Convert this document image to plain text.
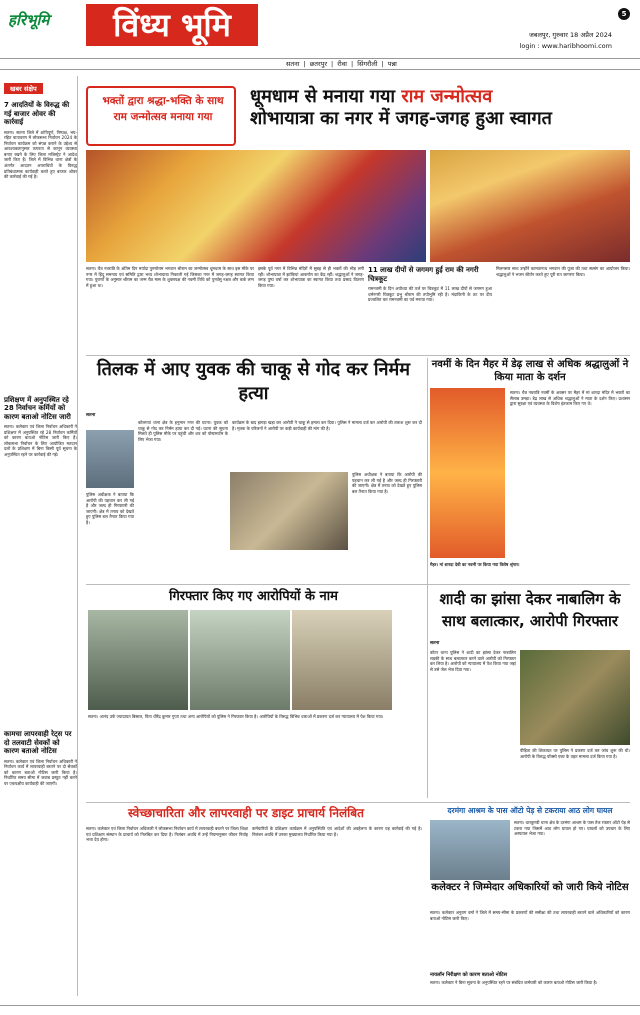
हरिभूमि	विंध्य भूमि	5
जबलपुर, गुरुवार 18 अप्रैल 2024
login : www.haribhoomi.com
सतना | छतरपुर | रीवा | सिंगरौली | पन्ना
खबर संक्षेप
7 आदतियों के विरुद्ध की गई बाजार ओवर की कार्रवाई
सतना। सतना जिले में शांतिपूर्ण, निष्पक्ष, भय-रहित वातावरण में लोकसभा निर्वाचन 2024 के निर्वाचन कार्यक्रम को संपन्न कराने के उद्देश्य से आवश्यकतानुसार तत्परता से कानून व्यवस्था बनाए रखने के लिए जिला मजिस्ट्रेट ने आदेश जारी किए हैं। जिले में विभिन्न थाना क्षेत्रों के अंतर्गत आदतन अपराधियों के विरुद्ध प्रतिबंधात्मक कार्यवाही करते हुए बाजार ओवर की कार्रवाई की गई है।
प्रशिक्षण में अनुपस्थित रहे 28 निर्वाचन कर्मियों को कारण बताओ नोटिस जारी
सतना। कलेक्टर एवं जिला निर्वाचन अधिकारी ने प्रशिक्षण में अनुपस्थित रहे 28 निर्वाचन कर्मियों को कारण बताओ नोटिस जारी किए हैं। लोकसभा निर्वाचन के लिए आयोजित मतदान दलों के प्रशिक्षण में बिना किसी पूर्व सूचना के अनुपस्थित रहने पर कार्रवाई की गई।
कामचा लापरवाही रेट्स पर दो तलवाटी सेवकों को कारण बताओ नोटिस
सतना। कलेक्टर एवं जिला निर्वाचन अधिकारी ने निर्वाचन कार्य में लापरवाही बरतने पर दो सेवकों को कारण बताओ नोटिस जारी किया है। निर्धारित समय सीमा में जवाब प्रस्तुत नहीं करने पर एकपक्षीय कार्यवाही की जाएगी।
भक्तों द्वारा श्रद्धा-भक्ति के साथ राम जन्मोत्सव मनाया गया
धूमधाम से मनाया गया राम जन्मोत्सव
शोभायात्रा का नगर में जगह-जगह हुआ स्वागत
सतना। चैत्र नवरात्रि के अंतिम दिन मर्यादा पुरुषोत्तम भगवान श्रीराम का जन्मोत्सव धूमधाम के साथ इस मौके पर नगर में हिंदू समन्वय एवं समिति द्वारा भव्य शोभायात्रा निकाली गई जिसका नगर में जगह-जगह स्वागत किया गया। पुराणों के अनुसार श्रीराम का जन्म चैत्र मास के शुक्लपक्ष की नवमी तिथि को पुनर्वसु नक्षत्र और कर्क लग्न में हुआ था।
इसके पूर्व नगर में विभिन्न मंदिरों में सुबह से ही भक्तों की भीड़ लगी रही। शोभायात्रा में झांकियां आकर्षण का केंद्र रहीं। श्रद्धालुओं ने जगह-जगह पुष्प वर्षा कर शोभायात्रा का स्वागत किया तथा प्रसाद वितरण किया गया।
11 लाख दीपों से जगमग हुई राम की नगरी चित्रकूट
रामनवमी के दिन अयोध्या की तर्ज पर चित्रकूट में 11 लाख दीपों से जगमग हुआ धर्मनगरी चित्रकूट प्रभु श्रीराम की तपोभूमि रही है। मंदाकिनी के तट पर दीप प्रज्वलित कर रामनवमी का पर्व मनाया गया।
मिलनसार साथ उन्होंने कामतानाथ भगवान की पूजा की तथा सत्संग का आयोजन किया। श्रद्धालुओं ने भजन कीर्तन करते हुए पूरी रात जागरण किया।
तिलक में आए युवक की चाकू से गोद कर निर्मम हत्या
सतना
कोलगवां थाना क्षेत्र के हनुमान नगर की घटना। युवक को चाकू से गोद कर निर्मम हत्या कर दी गई। घटना की सूचना मिलते ही पुलिस मौके पर पहुंची और शव को पोस्टमार्टम के लिए भेजा गया।
पुलिस अधीक्षक ने बताया कि आरोपी की पहचान कर ली गई है और जल्द ही गिरफ्तारी की जाएगी। क्षेत्र में तनाव को देखते हुए पुलिस बल तैनात किया गया है।
कार्यक्रम के बाद झगड़ा खड़ा कर आरोपी ने चाकू से हमला कर दिया। पुलिस ने मामला दर्ज कर आरोपी की तलाश शुरू कर दी है। मृतक के परिजनों ने आरोपी पर कड़ी कार्यवाही की मांग की है।
पुलिस अधीक्षक ने बताया कि आरोपी की पहचान कर ली गई है और जल्द ही गिरफ्तारी की जाएगी। क्षेत्र में तनाव को देखते हुए पुलिस बल तैनात किया गया है।
नवमीं के दिन मैहर में डेढ़ लाख से अधिक श्रद्धालुओं ने किया माता के दर्शन
सतना। चैत्र नवरात्रि नवमीं के अवसर पर मैहर में मां शारदा मंदिर में भक्तों का सैलाब उमड़ा। डेढ़ लाख से अधिक श्रद्धालुओं ने माता के दर्शन किए। प्रशासन द्वारा सुरक्षा एवं व्यवस्था के विशेष इंतजाम किए गए थे।
मैहर। मां शारदा देवी का नवमी पर किया गया विशेष श्रृंगार।
गिरफ्तार किए गए आरोपियों के नाम
सतना। आनंद उर्फ ज्यादायत बिसाल, पिता धीरेंद्र कुमार गुप्ता तथा अन्य आरोपियों को पुलिस ने गिरफ्तार किया है। आरोपियों के विरुद्ध विभिन्न धाराओं में प्रकरण दर्ज कर न्यायालय में पेश किया गया।
शादी का झांसा देकर नाबालिग के साथ बलात्कार, आरोपी गिरफ्तार
सतना
कोटर थाना पुलिस ने शादी का झांसा देकर नाबालिग लड़की के साथ बलात्कार करने वाले आरोपी को गिरफ्तार कर लिया है। आरोपी को न्यायालय में पेश किया गया जहां से उसे जेल भेज दिया गया।
पीड़िता की शिकायत पर पुलिस ने प्रकरण दर्ज कर जांच शुरू की थी। आरोपी के विरुद्ध पॉक्सो एक्ट के तहत मामला दर्ज किया गया है।
स्वेच्छाचारिता और लापरवाही पर डाइट प्राचार्य निलंबित
सतना। कलेक्टर एवं जिला निर्वाचन अधिकारी ने लोकसभा निर्वाचन कार्य में लापरवाही बरतने पर जिला शिक्षा एवं प्रशिक्षण संस्थान के प्राचार्य को निलंबित कर दिया है। निलंबन अवधि में उन्हें नियमानुसार जीवन निर्वाह भत्ता देय होगा।
कर्मचारियों के प्रशिक्षण कार्यक्रम में अनुपस्थिति एवं आदेशों की अवहेलना के कारण यह कार्रवाई की गई है। निलंबन अवधि में उनका मुख्यालय निर्धारित किया गया है।
दरमंगा आश्रम के पास ऑटो पेड़ से टकराया आठ लोग घायल
सतना। धारकुण्डी थाना क्षेत्र के दरमंगा आश्रम के पास तेज रफ्तार ऑटो पेड़ से टकरा गया जिसमें आठ लोग घायल हो गए। घायलों को उपचार के लिए अस्पताल भेजा गया।
कलेक्टर ने जिम्मेदार अधिकारियों को जारी किये नोटिस
सतना। कलेक्टर अनुराग वर्मा ने जिले में समय-सीमा के प्रकरणों की समीक्षा की तथा लापरवाही बरतने वाले अधिकारियों को कारण बताओ नोटिस जारी किए।
नायलॉन निरीक्षण को कारण बताओ नोटिस
सतना। कलेक्टर ने बिना सूचना के अनुपस्थित रहने पर संबंधित कर्मचारी को कारण बताओ नोटिस जारी किया है।
